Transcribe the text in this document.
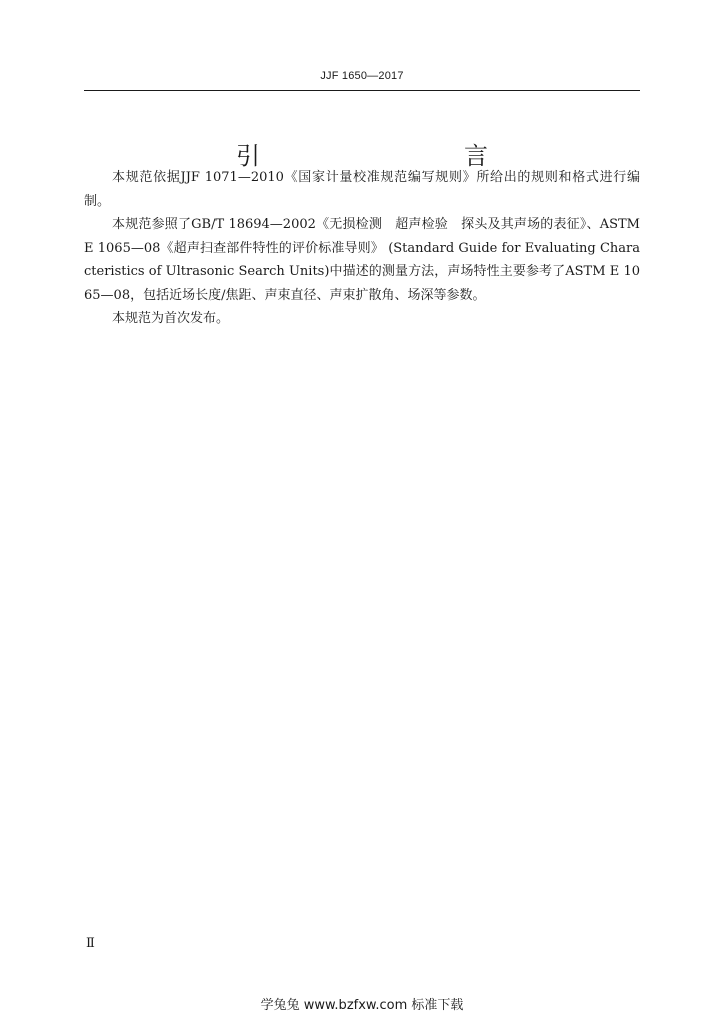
JJF 1650—2017
引　　言

本规范依据JJF 1071—2010《国家计量校准规范编写规则》所给出的规则和格式进行编制。

本规范参照了GB/T 18694—2002《无损检测　超声检验　探头及其声场的表征》、ASTM E 1065—08《超声扫查部件特性的评价标准导则》 (Standard Guide for Evaluating Characteristics of Ultrasonic Search Units)中描述的测量方法，声场特性主要参考了ASTM E 1065—08，包括近场长度/焦距、声束直径、声束扩散角、场深等参数。

本规范为首次发布。

Ⅱ
学兔兔 www.bzfxw.com 标准下载
